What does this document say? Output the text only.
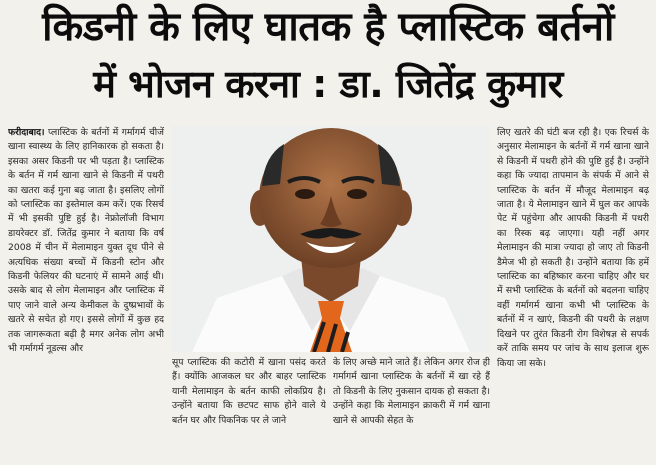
किडनी के लिए घातक है प्लास्टिक बर्तनों
में भोजन करना : डा. जितेंद्र कुमार
फरीदाबाद। प्लास्टिक के बर्तनों में गर्मागर्म चीजें खाना स्वास्थ्य के लिए हानिकारक हो सकता है। इसका असर किडनी पर भी पड़ता है। प्लास्टिक के बर्तन में गर्म खाना खाने से किडनी में पथरी का खतरा कई गुना बढ़ जाता है। इसलिए लोगों को प्लास्टिक का इस्तेमाल कम करें। एक रिसर्च में भी इसकी पुष्टि हुई है। नेफ्रोलॉजी विभाग डायरेक्टर डॉ. जितेंद्र कुमार ने बताया कि वर्ष 2008 में चीन में मेलामाइन युक्त दूध पीने से अत्यधिक संख्या बच्चों में किडनी स्टोन और किडनी फेलियर की घटनाएं में सामने आई थी। उसके बाद से लोग मेलामाइन और प्लास्टिक में पाए जाने वाले अन्य केमीकल के दुष्प्रभावों के खतरे से सचेत हो गए। इससे लोगों में कुछ हद तक जागरूकता बढ़ी है मगर अनेक लोग अभी भी गर्मागर्म नूडल्स और
सूप प्लास्टिक की कटोरी में खाना पसंद करते हैं। क्योंकि आजकल घर और बाहर प्लास्टिक यानी मेलामाइन के बर्तन काफी लोकप्रिय है। उन्होंने बताया कि छटपट साफ होने वाले ये बर्तन घर और पिकनिक पर ले जाने
के लिए अच्छे माने जाते हैं। लेकिन अगर रोज ही गर्मागर्म खाना प्लास्टिक के बर्तनों में खा रहे हैं तो किडनी के लिए नुकसान दायक हो सकता है। उन्होंने कहा कि मेलामाइन क्राकरी में गर्म खाना खाने से आपकी सेहत के
लिए खतरे की घंटी बज रही है। एक रिचर्स के अनुसार मेलामाइन के बर्तनों में गर्म खाना खाने से किडनी में पथरी होने की पुष्टि हुई है। उन्होंने कहा कि ज्यादा तापमान के संपर्क में आने से प्लास्टिक के बर्तन में मौजूद मेलामाइन बढ़ जाता है। ये मेलामाइन खाने में घुल कर आपके पेट में पहुंचेगा और आपकी किडनी में पथरी का रिस्क बढ़ जाएगा। यही नहीं अगर मेलामाइन की मात्रा ज्यादा हो जाए तो किडनी डैमेज भी हो सकती है। उन्होंने बताया कि हमें प्लास्टिक का बहिष्कार करना चाहिए और घर में सभी प्लास्टिक के बर्तनों को बदलना चाहिए वहीं गर्मागर्म खाना कभी भी प्लास्टिक के बर्तनों में न खाएं, किडनी की पथरी के लक्षण दिखने पर तुरंत किडनी रोग विशेषज्ञ से सपर्क करें ताकि समय पर जांच के साथ इलाज शुरू किया जा सके।
